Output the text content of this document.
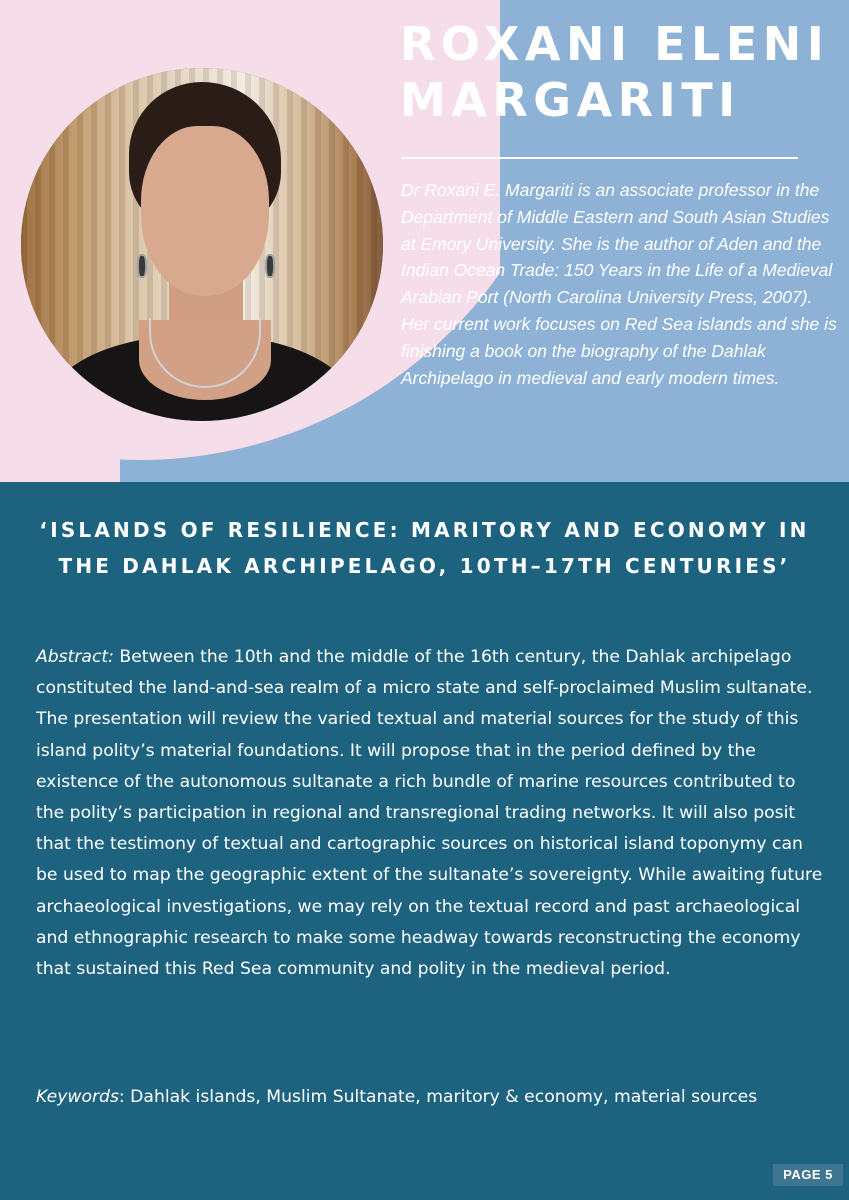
ROXANI ELENI
MARGARITI

Dr Roxani E. Margariti is an associate professor in the Department of Middle Eastern and South Asian Studies at Emory University. She is the author of Aden and the Indian Ocean Trade: 150 Years in the Life of a Medieval Arabian Port (North Carolina University Press, 2007). Her current work focuses on Red Sea islands and she is finishing a book on the biography of the Dahlak Archipelago in medieval and early modern times.

‘ISLANDS OF RESILIENCE: MARITORY AND ECONOMY IN THE DAHLAK ARCHIPELAGO, 10TH–17TH CENTURIES’

Abstract: Between the 10th and the middle of the 16th century, the Dahlak archipelago constituted the land-and-sea realm of a micro state and self-proclaimed Muslim sultanate. The presentation will review the varied textual and material sources for the study of this island polity’s material foundations. It will propose that in the period defined by the existence of the autonomous sultanate a rich bundle of marine resources contributed to the polity’s participation in regional and transregional trading networks. It will also posit that the testimony of textual and cartographic sources on historical island toponymy can be used to map the geographic extent of the sultanate’s sovereignty. While awaiting future archaeological investigations, we may rely on the textual record and past archaeological and ethnographic research to make some headway towards reconstructing the economy that sustained this Red Sea community and polity in the medieval period.

Keywords: Dahlak islands, Muslim Sultanate, maritory & economy, material sources

PAGE 5
